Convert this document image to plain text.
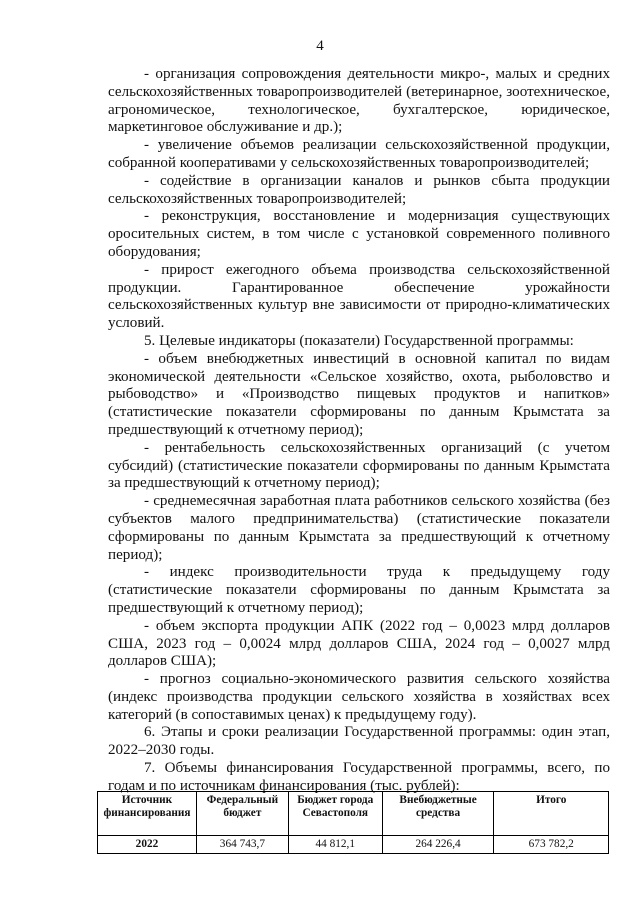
4

- организация сопровождения деятельности микро-, малых и средних сельскохозяйственных товаропроизводителей (ветеринарное, зоотехническое, агрономическое, технологическое, бухгалтерское, юридическое, маркетинговое обслуживание и др.);

- увеличение объемов реализации сельскохозяйственной продукции, собранной кооперативами у сельскохозяйственных товаропроизводителей;

- содействие в организации каналов и рынков сбыта продукции сельскохозяйственных товаропроизводителей;

- реконструкция, восстановление и модернизация существующих оросительных систем, в том числе с установкой современного поливного оборудования;

- прирост ежегодного объема производства сельскохозяйственной продукции. Гарантированное обеспечение урожайности сельскохозяйственных культур вне зависимости от природно-климатических условий.

5. Целевые индикаторы (показатели) Государственной программы:

- объем внебюджетных инвестиций в основной капитал по видам экономической деятельности «Сельское хозяйство, охота, рыболовство и рыбоводство» и «Производство пищевых продуктов и напитков» (статистические показатели сформированы по данным Крымстата за предшествующий к отчетному период);

- рентабельность сельскохозяйственных организаций (с учетом субсидий) (статистические показатели сформированы по данным Крымстата за предшествующий к отчетному период);

- среднемесячная заработная плата работников сельского хозяйства (без субъектов малого предпринимательства) (статистические показатели сформированы по данным Крымстата за предшествующий к отчетному период);

- индекс производительности труда к предыдущему году (статистические показатели сформированы по данным Крымстата за предшествующий к отчетному период);

- объем экспорта продукции АПК (2022 год – 0,0023 млрд долларов США, 2023 год – 0,0024 млрд долларов США, 2024 год – 0,0027 млрд долларов США);

- прогноз социально-экономического развития сельского хозяйства (индекс производства продукции сельского хозяйства в хозяйствах всех категорий (в сопоставимых ценах) к предыдущему году).

6. Этапы и сроки реализации Государственной программы: один этап, 2022–2030 годы.

7. Объемы финансирования Государственной программы, всего, по годам и по источникам финансирования (тыс. рублей):

Источник финансирования	Федеральный бюджет	Бюджет города Севастополя	Внебюджетные средства	Итого
2022	364 743,7	44 812,1	264 226,4	673 782,2
